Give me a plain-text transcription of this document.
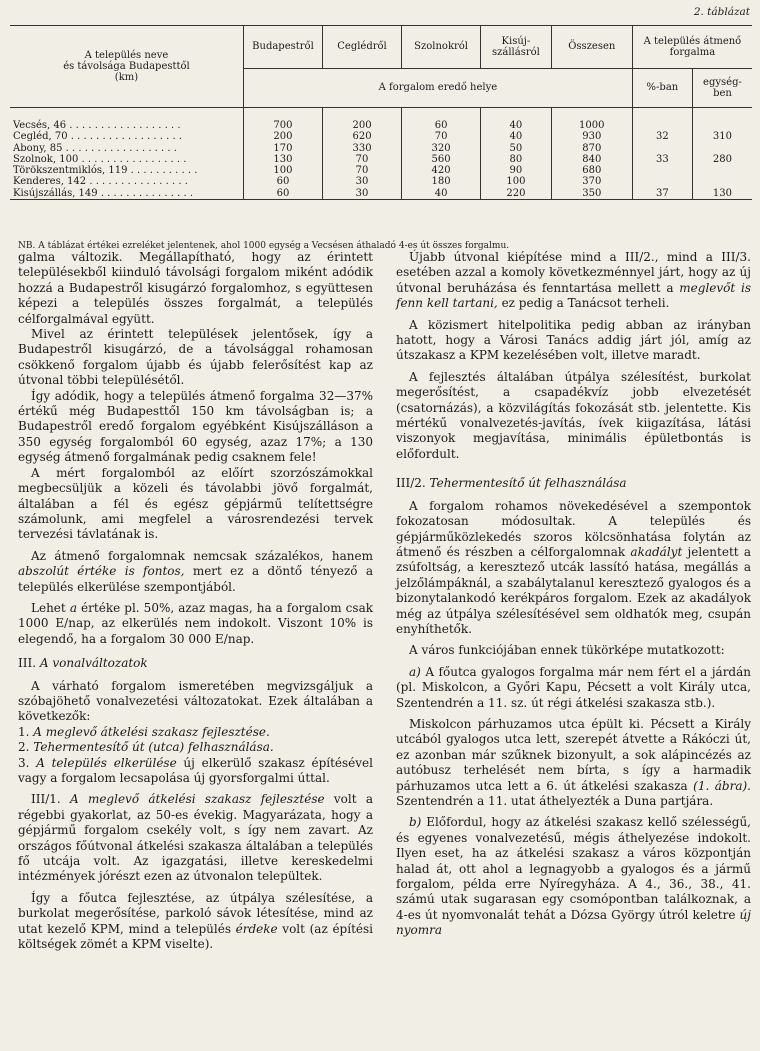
2. táblázat
A település neve
és távolsága Budapesttől
(km)	Budapestről	Ceglédről	Szolnokról	Kisúj-
szállásról	Összesen	A település átmenő
forgalma	
	A forgalom eredő helye					%-ban	egység-
ben

Vecsés, 46 . . . . . . . . . . . . . . . . . .	700	200	60	40	1000		
Cegléd, 70 . . . . . . . . . . . . . . . . . .	200	620	70	40	930	32	310
Abony, 85 . . . . . . . . . . . . . . . . . .	170	330	320	50	870		
Szolnok, 100 . . . . . . . . . . . . . . . . .	130	70	560	80	840	33	280
Törökszentmiklós, 119 . . . . . . . . . . .	100	70	420	90	680		
Kenderes, 142 . . . . . . . . . . . . . . . .	60	30	180	100	370		
Kisújszállás, 149 . . . . . . . . . . . . . . .	60	30	40	220	350	37	130
NB. A táblázat értékei ezreléket jelentenek, ahol 1000 egység a Vecsésen áthaladó 4-es út összes forgalmu.

galma változik. Megállapítható, hogy az érintett településekből kiinduló távolsági forgalom miként adódik hozzá a Budapestről kisugárzó forgalomhoz, s együttesen képezi a település összes forgalmát, a település célforgalmával együtt.

Mivel az érintett települések jelentősek, így a Budapestről kisugárzó, de a távolsággal rohamosan csökkenő forgalom újabb és újabb felerősítést kap az útvonal többi településétől.

Így adódik, hogy a település átmenő forgalma 32—37% értékű még Budapesttől 150 km távolságban is; a Budapestről eredő forgalom egyébként Kisújszálláson a 350 egység forgalomból 60 egység, azaz 17%; a 130 egység átmenő forgalmának pedig csaknem fele!

A mért forgalomból az előírt szorzószámokkal megbecsüljük a közeli és távolabbi jövő forgalmát, általában a fél és egész gépjármű telítettségre számolunk, ami megfelel a városrendezési tervek tervezési távlatának is.

Az átmenő forgalomnak nemcsak százalékos, hanem abszolút értéke is fontos, mert ez a döntő tényező a település elkerülése szempontjából.

Lehet a értéke pl. 50%, azaz magas, ha a forgalom csak 1000 E/nap, az elkerülés nem indokolt. Viszont 10% is elegendő, ha a forgalom 30 000 E/nap.

III. A vonalváltozatok

A várható forgalom ismeretében megvizsgáljuk a szóbajöhető vonalvezetési változatokat. Ezek általában a következők:

1. A meglevő átkelési szakasz fejlesztése.
2. Tehermentesítő út (utca) felhasználása.
3. A település elkerülése új elkerülő szakasz építésével vagy a forgalom lecsapolása új gyorsforgalmi úttal.

III/1. A meglevő átkelési szakasz fejlesztése volt a régebbi gyakorlat, az 50-es évekig. Magyarázata, hogy a gépjármű forgalom csekély volt, s így nem zavart. Az országos főútvonal átkelési szakasza általában a település fő utcája volt. Az igazgatási, illetve kereskedelmi intézmények jórészt ezen az útvonalon települtek.

Így a főutca fejlesztése, az útpálya szélesítése, a burkolat megerősítése, parkoló sávok létesítése, mind az utat kezelő KPM, mind a település érdeke volt (az építési költségek zömét a KPM viselte).

Újabb útvonal kiépítése mind a III/2., mind a III/3. esetében azzal a komoly következménnyel járt, hogy az új útvonal beruházása és fenntartása mellett a meglevőt is fenn kell tartani, ez pedig a Tanácsot terheli.

A közismert hitelpolitika pedig abban az irányban hatott, hogy a Városi Tanács addig járt jól, amíg az útszakasz a KPM kezelésében volt, illetve maradt.

A fejlesztés általában útpálya szélesítést, burkolat megerősítést, a csapadékvíz jobb elvezetését (csatornázás), a közvilágítás fokozását stb. jelentette. Kis mértékű vonalvezetés-javítás, ívek kiigazítása, látási viszonyok megjavítása, minimális épületbontás is előfordult.

III/2. Tehermentesítő út felhasználása

A forgalom rohamos növekedésével a szempontok fokozatosan módosultak. A település és gépjárműközlekedés szoros kölcsönhatása folytán az átmenő és részben a célforgalomnak akadályt jelentett a zsúfoltság, a keresztező utcák lassító hatása, megállás a jelzőlámpáknál, a szabálytalanul keresztező gyalogos és a bizonytalankodó kerékpáros forgalom. Ezek az akadályok még az útpálya szélesítésével sem oldhatók meg, csupán enyhíthetők.

A város funkciójában ennek tükörképe mutatkozott:

a) A főutca gyalogos forgalma már nem fért el a járdán (pl. Miskolcon, a Győri Kapu, Pécsett a volt Király utca, Szentendrén a 11. sz. út régi átkelési szakasza stb.).

Miskolcon párhuzamos utca épült ki. Pécsett a Király utcából gyalogos utca lett, szerepét átvette a Rákóczi út, ez azonban már szűknek bizonyult, a sok alápincézés az autóbusz terhelését nem bírta, s így a harmadik párhuzamos utca lett a 6. út átkelési szakasza (1. ábra). Szentendrén a 11. utat áthelyezték a Duna partjára.

b) Előfordul, hogy az átkelési szakasz kellő szélességű, és egyenes vonalvezetésű, mégis áthelyezése indokolt. Ilyen eset, ha az átkelési szakasz a város központján halad át, ott ahol a legnagyobb a gyalogos és a jármű forgalom, példa erre Nyíregyháza. A 4., 36., 38., 41. számú utak sugarasan egy csomópontban találkoznak, a 4-es út nyomvonalát tehát a Dózsa György útról keletre új nyomra
